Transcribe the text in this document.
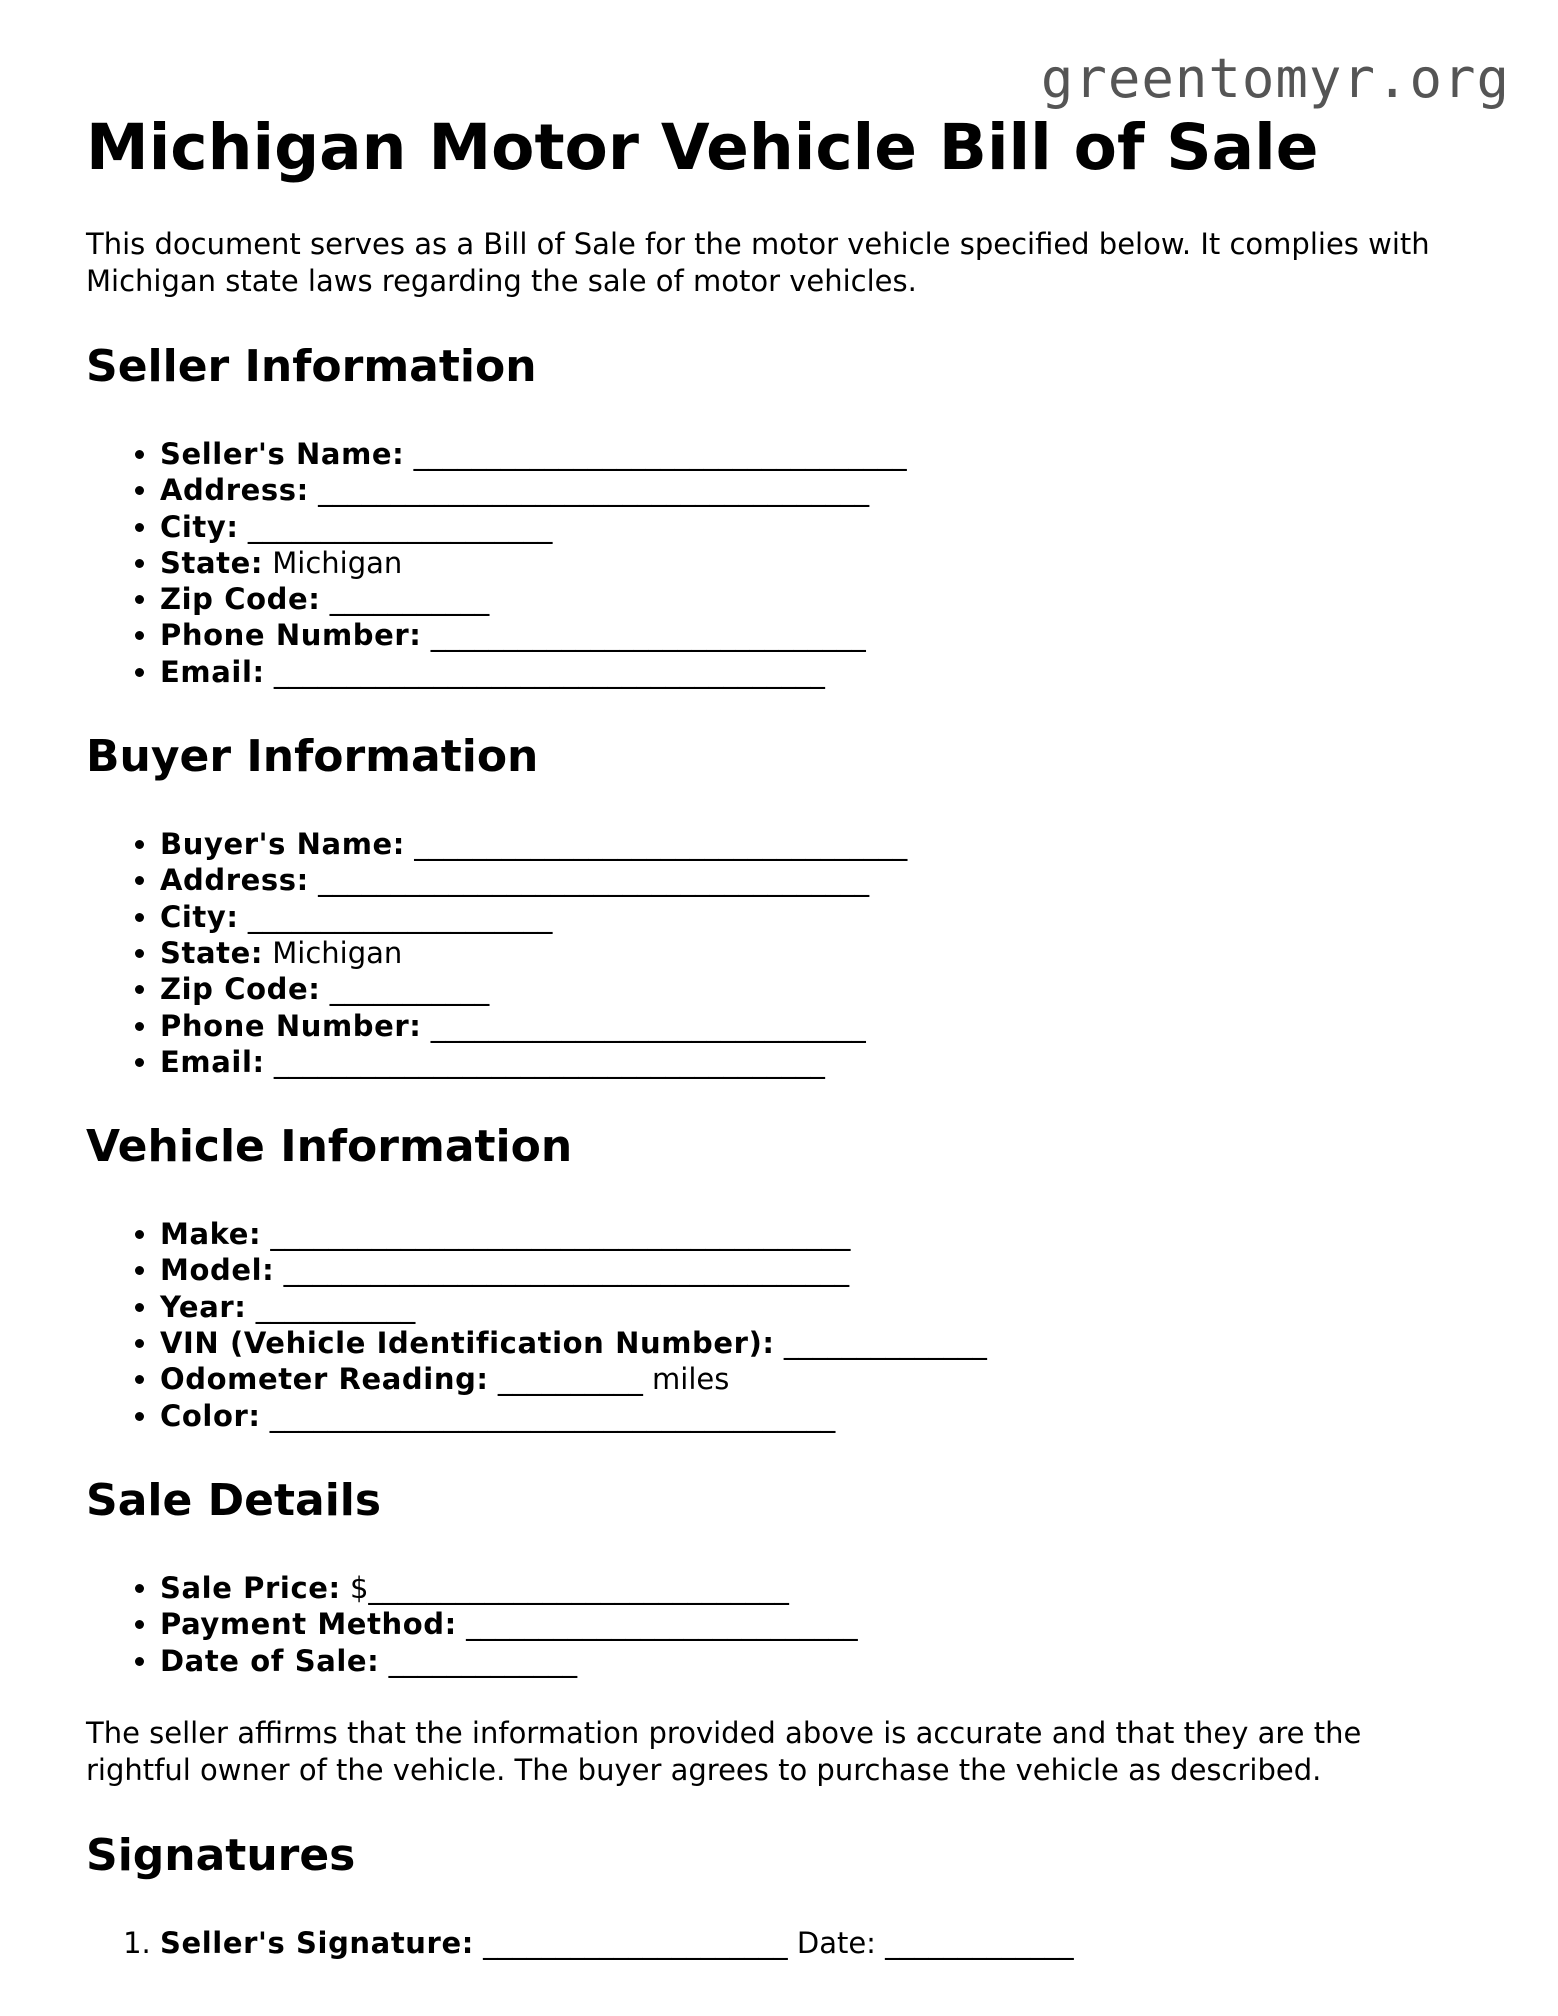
greentomyr.org
Michigan Motor Vehicle Bill of Sale

This document serves as a Bill of Sale for the motor vehicle specified below. It complies with Michigan state laws regarding the sale of motor vehicles.

Seller Information
• Seller's Name: __________________________________
• Address: ______________________________________
• City: _____________________
• State: Michigan
• Zip Code: ___________
• Phone Number: ______________________________
• Email: ______________________________________
Buyer Information
• Buyer's Name: __________________________________
• Address: ______________________________________
• City: _____________________
• State: Michigan
• Zip Code: ___________
• Phone Number: ______________________________
• Email: ______________________________________
Vehicle Information
• Make: ________________________________________
• Model: _______________________________________
• Year: ___________
• VIN (Vehicle Identification Number): ______________
• Odometer Reading: __________ miles
• Color: _______________________________________
Sale Details
• Sale Price: $_____________________________
• Payment Method: ___________________________
• Date of Sale: _____________

The seller affirms that the information provided above is accurate and that they are the rightful owner of the vehicle. The buyer agrees to purchase the vehicle as described.

Signatures
1. Seller's Signature: _____________________ Date: _____________
